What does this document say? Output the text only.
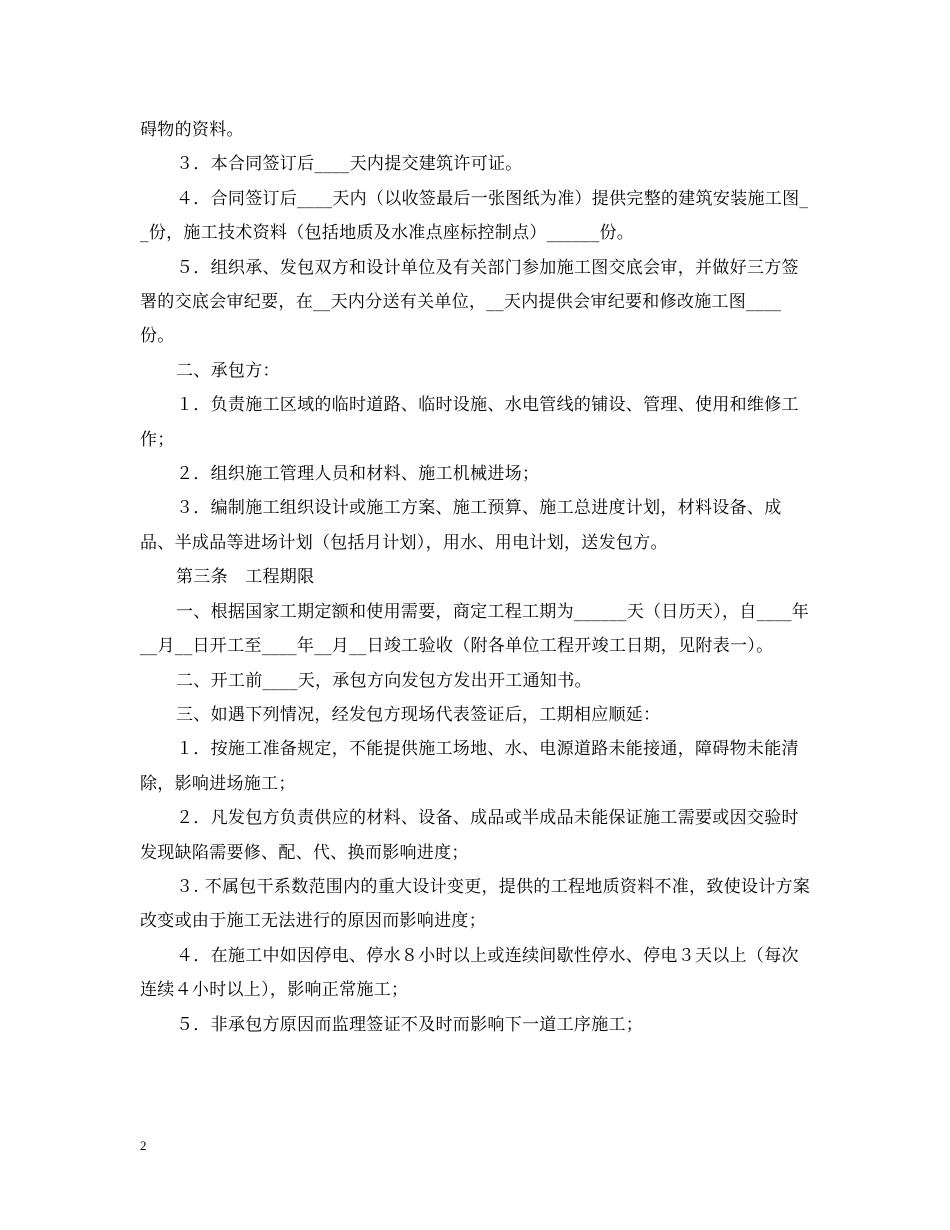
碍物的资料。

３．本合同签订后____天内提交建筑许可证。

４．合同签订后____天内（以收签最后一张图纸为准）提供完整的建筑安装施工图__份，施工技术资料（包括地质及水准点座标控制点）______份。

５．组织承、发包双方和设计单位及有关部门参加施工图交底会审，并做好三方签署的交底会审纪要，在__天内分送有关单位，__天内提供会审纪要和修改施工图____份。

二、承包方：

１．负责施工区域的临时道路、临时设施、水电管线的铺设、管理、使用和维修工作；

２．组织施工管理人员和材料、施工机械进场；

３．编制施工组织设计或施工方案、施工预算、施工总进度计划，材料设备、成品、半成品等进场计划（包括月计划），用水、用电计划，送发包方。

第三条　工程期限

一、根据国家工期定额和使用需要，商定工程工期为______天（日历天），自____年__月__日开工至____年__月__日竣工验收（附各单位工程开竣工日期，见附表一）。

二、开工前____天，承包方向发包方发出开工通知书。

三、如遇下列情况，经发包方现场代表签证后，工期相应顺延：

１．按施工准备规定，不能提供施工场地、水、电源道路未能接通，障碍物未能清除，影响进场施工；

２．凡发包方负责供应的材料、设备、成品或半成品未能保证施工需要或因交验时发现缺陷需要修、配、代、换而影响进度；

３. 不属包干系数范围内的重大设计变更，提供的工程地质资料不准，致使设计方案改变或由于施工无法进行的原因而影响进度；

４．在施工中如因停电、停水８小时以上或连续间歇性停水、停电３天以上（每次连续４小时以上），影响正常施工；

５．非承包方原因而监理签证不及时而影响下一道工序施工；

2
